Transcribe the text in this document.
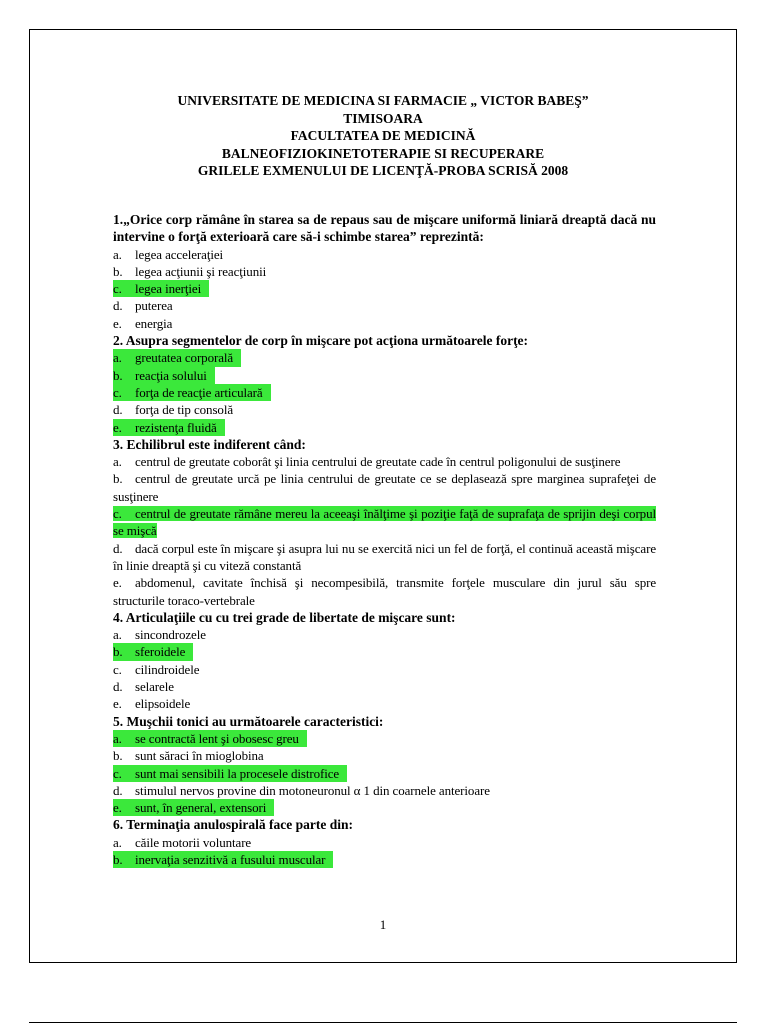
UNIVERSITATE DE MEDICINA SI FARMACIE „ VICTOR BABEŞ”
TIMISOARA
FACULTATEA DE MEDICINĂ
BALNEOFIZIOKINETOTERAPIE SI RECUPERARE
GRILELE EXMENULUI DE LICENŢĂ-PROBA SCRISĂ 2008
1.„Orice corp rămâne în starea sa de repaus sau de mişcare uniformă liniară dreaptă dacă nu intervine o forţă exterioară care să-i schimbe starea” reprezintă:
a. legea acceleraţiei
b. legea acţiunii şi reacţiunii
c. legea inerţiei
d. puterea
e. energia
2. Asupra segmentelor de corp în mişcare pot acţiona următoarele forţe:
a. greutatea corporală
b. reacţia solului
c. forţa de reacţie articulară
d. forţa de tip consolă
e. rezistenţa fluidă
3. Echilibrul este indiferent când:
a. centrul de greutate coborât şi linia centrului de greutate cade în centrul poligonului de susţinere
b. centrul de greutate urcă pe linia centrului de greutate ce se deplasează spre marginea suprafeţei de susţinere
c. centrul de greutate rămâne mereu la aceeaşi înălţime şi poziţie faţă de suprafaţa de sprijin deşi corpul se mişcă
d. dacă corpul este în mişcare şi asupra lui nu se exercită nici un fel de forţă, el continuă această mişcare în linie dreaptă şi cu viteză constantă
e. abdomenul, cavitate închisă şi necompesibilă, transmite forţele musculare din jurul său spre structurile toraco-vertebrale
4. Articulaţiile cu cu trei grade de libertate de mişcare sunt:
a. sincondrozele
b. sferoidele
c. cilindroidele
d. selarele
e. elipsoidele
5. Muşchii tonici au următoarele caracteristici:
a. se contractă lent şi obosesc greu
b. sunt săraci în mioglobina
c. sunt mai sensibili la procesele distrofice
d. stimulul nervos provine din motoneuronul α 1 din coarnele anterioare
e. sunt, în general, extensori
6. Terminaţia anulospirală face parte din:
a. căile motorii voluntare
b. inervaţia senzitivă a fusului muscular
1
